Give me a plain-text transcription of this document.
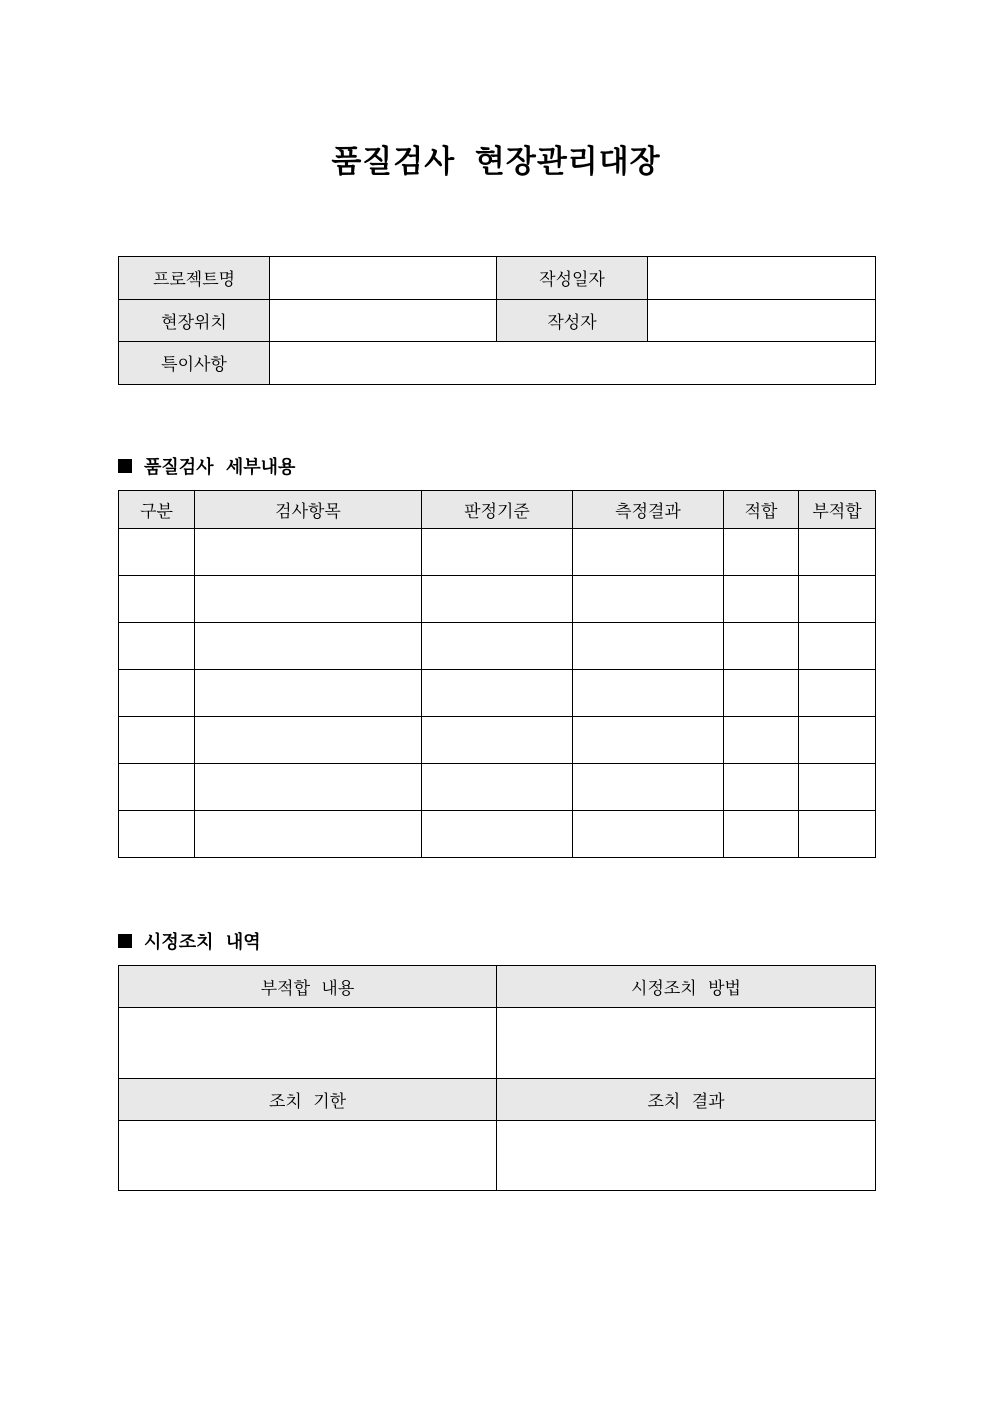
품질검사 현장관리대장
프로젝트명		작성일자	
현장위치		작성자	
특이사항			
품질검사 세부내용
구분	검사항목	판정기준	측정결과	적합	부적합

시정조치 내역
부적합 내용	시정조치 방법

조치 기한	조치 결과
